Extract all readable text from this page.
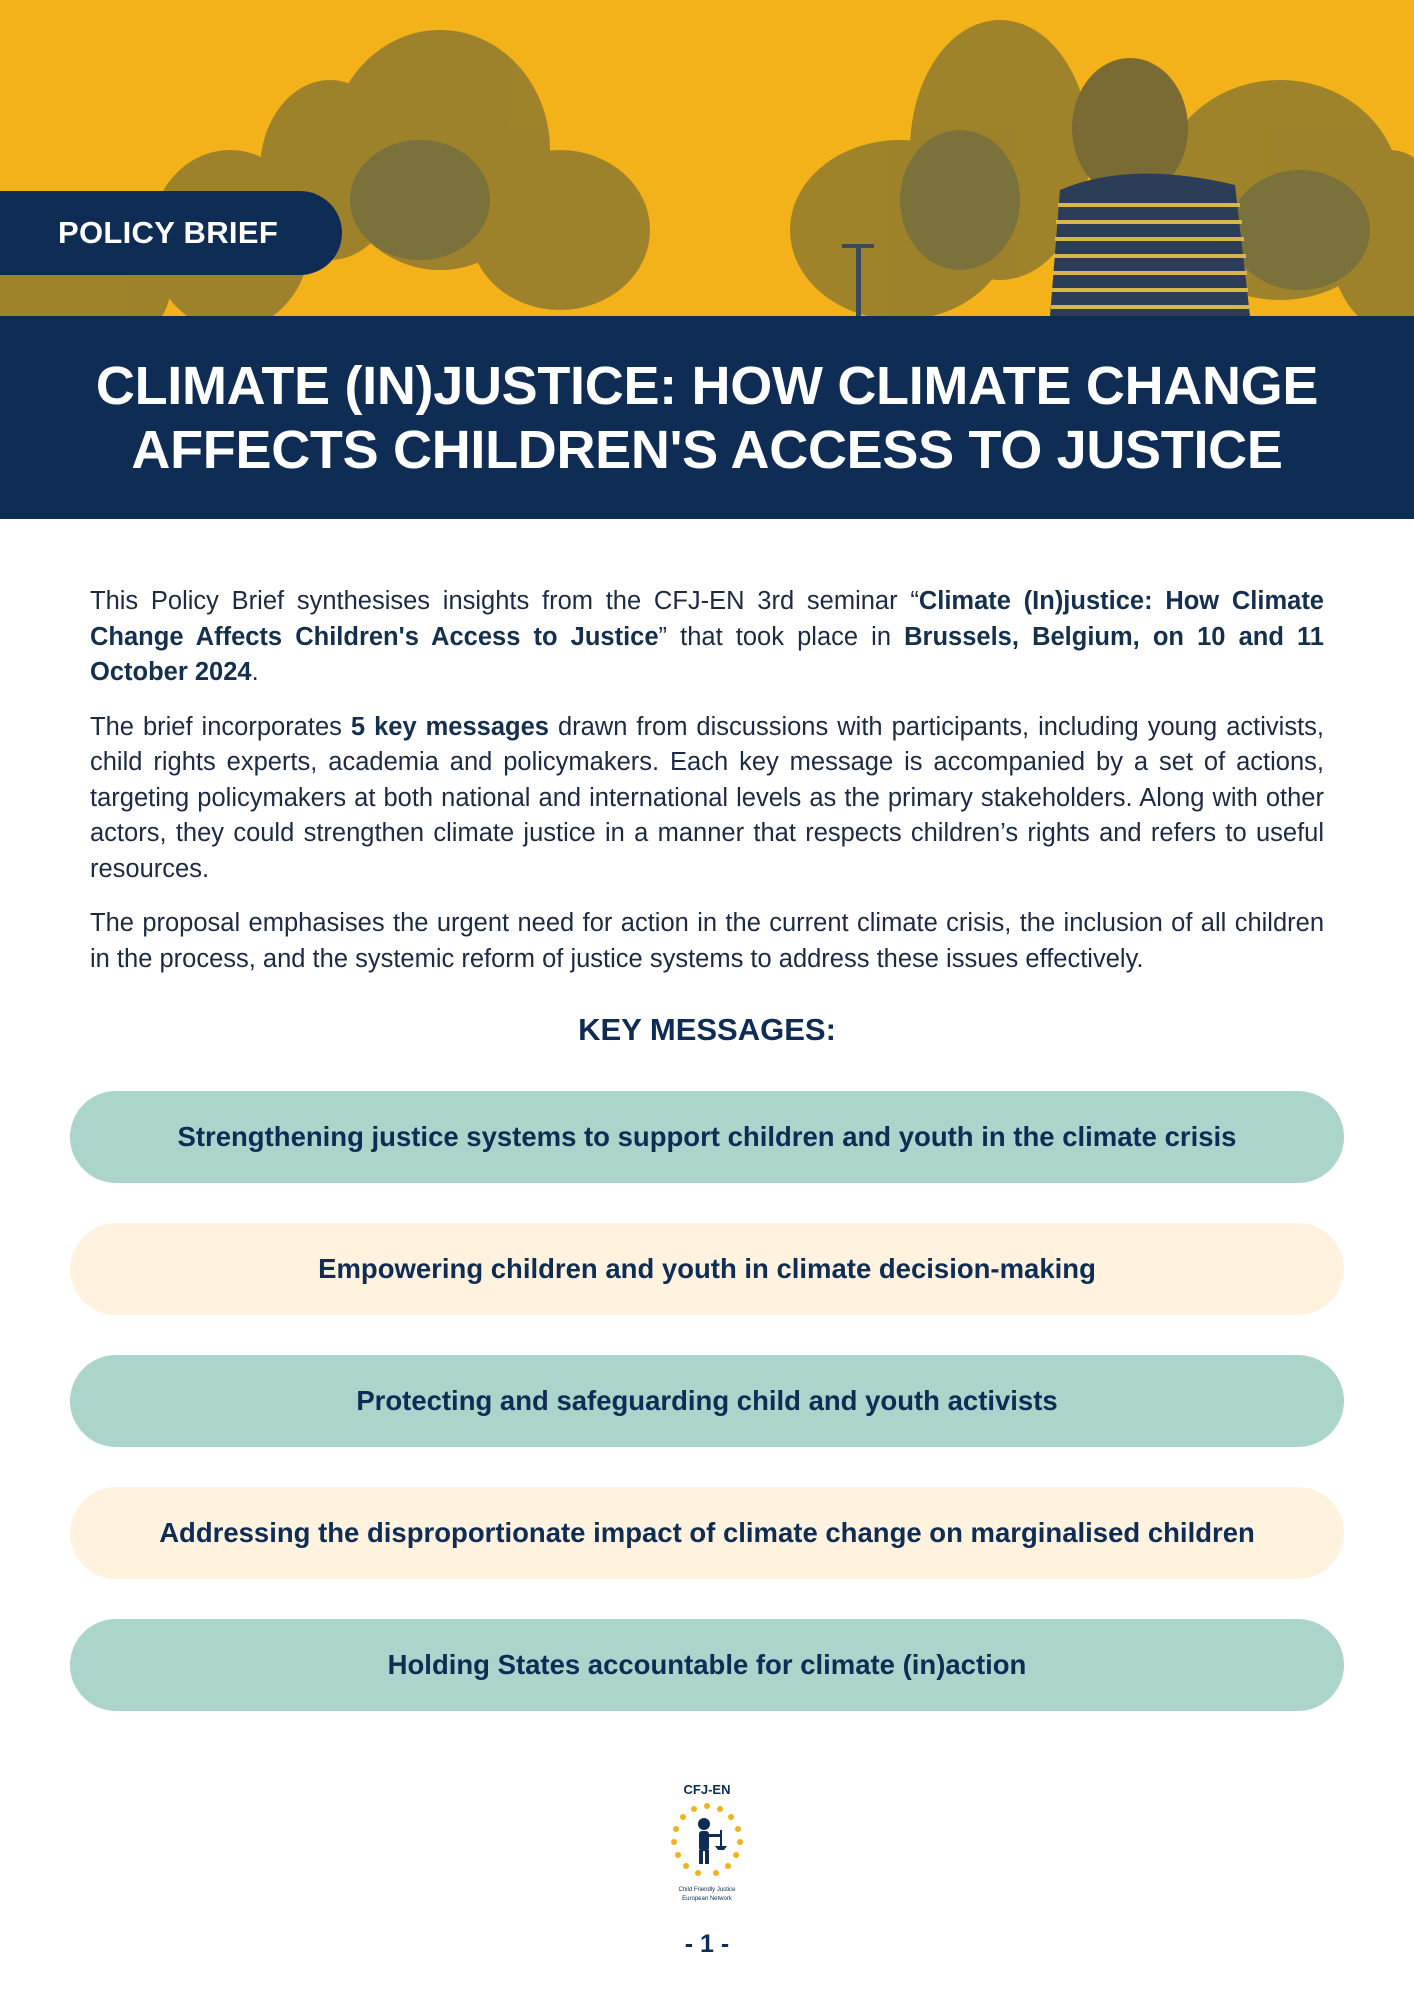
POLICY BRIEF
CLIMATE (IN)JUSTICE: HOW CLIMATE CHANGE
AFFECTS CHILDREN'S ACCESS TO JUSTICE

This Policy Brief synthesises insights from the CFJ-EN 3rd seminar “Climate (In)justice: How Climate Change Affects Children's Access to Justice” that took place in Brussels, Belgium, on 10 and 11 October 2024.

The brief incorporates 5 key messages drawn from discussions with participants, including young activists, child rights experts, academia and policymakers. Each key message is accompanied by a set of actions, targeting policymakers at both national and international levels as the primary stakeholders. Along with other actors, they could strengthen climate justice in a manner that respects children’s rights and refers to useful resources.

The proposal emphasises the urgent need for action in the current climate crisis, the inclusion of all children in the process, and the systemic reform of justice systems to address these issues effectively.

KEY MESSAGES:
Strengthening justice systems to support children and youth in the climate crisis
Empowering children and youth in climate decision-making
Protecting and safeguarding child and youth activists
Addressing the disproportionate impact of climate change on marginalised children
Holding States accountable for climate (in)action
CFJ-EN
Child Friendly Justice
European Network
- 1 -
